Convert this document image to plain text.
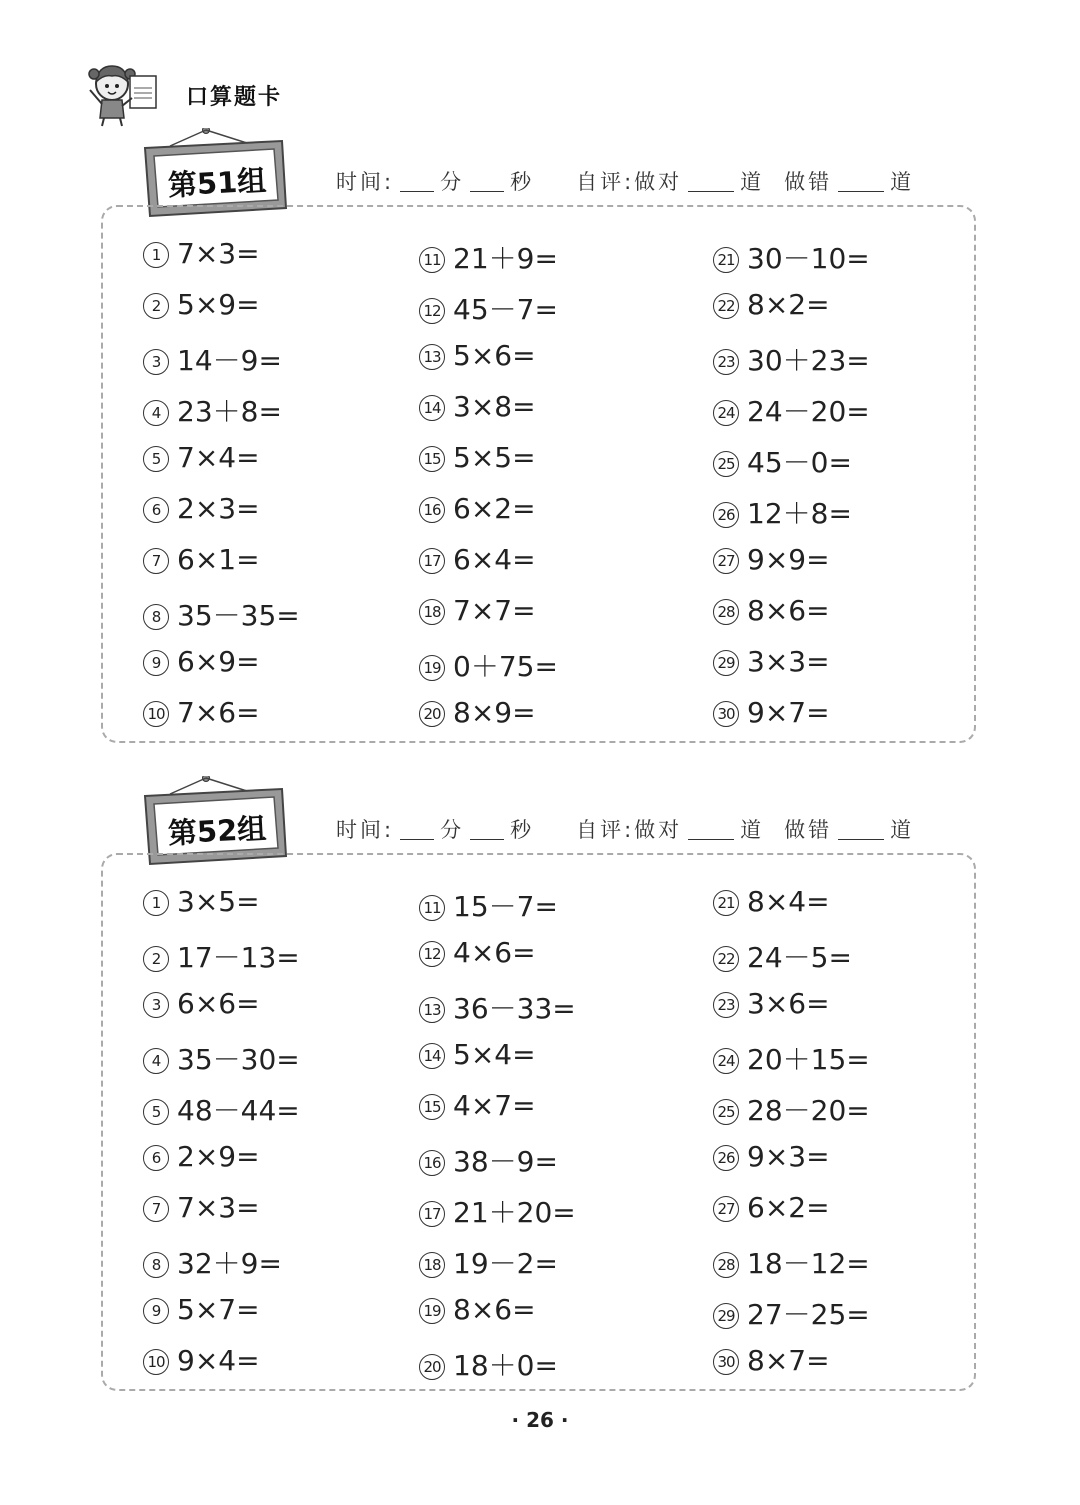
口算题卡
第51组	时间: 分 秒 自评:做对	道 做错	道
1 7×3=
2 5×9=
3 14－9=
4 23＋8=
5 7×4=
6 2×3=
7 6×1=
8 35－35=
9 6×9=
10 7×6=
11 21＋9=
12 45－7=
13 5×6=
14 3×8=
15 5×5=
16 6×2=
17 6×4=
18 7×7=
19 0＋75=
20 8×9=
21 30－10=
22 8×2=
23 30＋23=
24 24－20=
25 45－0=
26 12＋8=
27 9×9=
28 8×6=
29 3×3=
30 9×7=
第52组	时间: 分 秒 自评:做对	道 做错	道
1 3×5=
2 17－13=
3 6×6=
4 35－30=
5 48－44=
6 2×9=
7 7×3=
8 32＋9=
9 5×7=
10 9×4=
11 15－7=
12 4×6=
13 36－33=
14 5×4=
15 4×7=
16 38－9=
17 21＋20=
18 19－2=
19 8×6=
20 18＋0=
21 8×4=
22 24－5=
23 3×6=
24 20＋15=
25 28－20=
26 9×3=
27 6×2=
28 18－12=
29 27－25=
30 8×7=
· 26 ·
